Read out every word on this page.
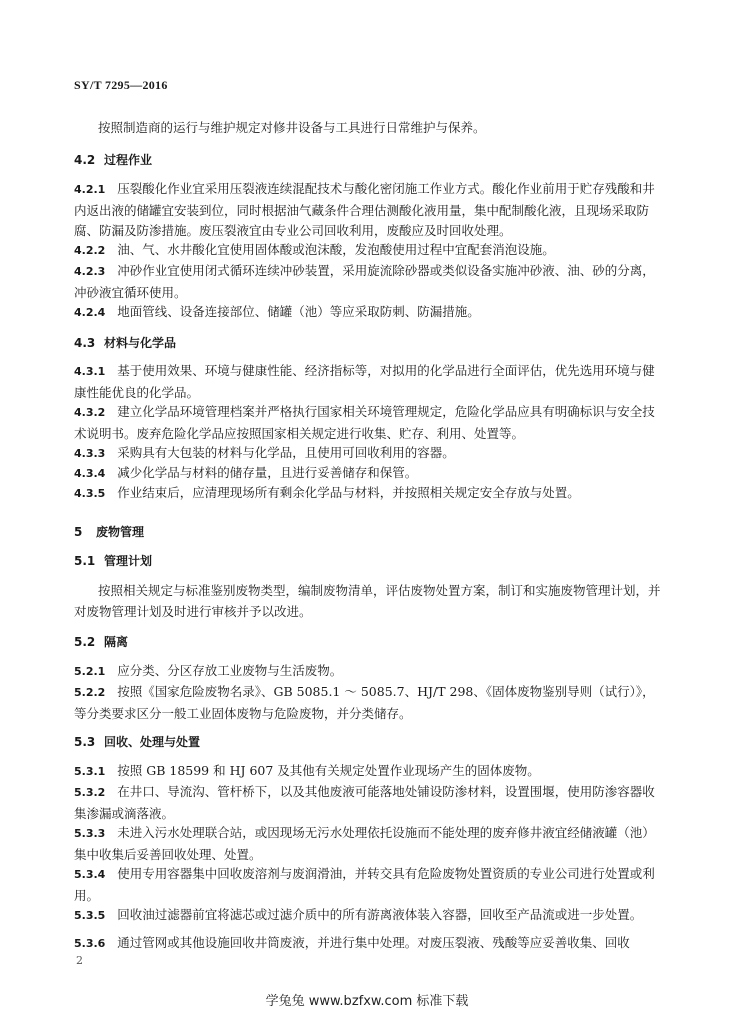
SY/T 7295—2016
按照制造商的运行与维护规定对修井设备与工具进行日常维护与保养。
4.2 过程作业
4.2.1 压裂酸化作业宜采用压裂液连续混配技术与酸化密闭施工作业方式。酸化作业前用于贮存残酸和井内返出液的储罐宜安装到位，同时根据油气藏条件合理估测酸化液用量，集中配制酸化液，且现场采取防腐、防漏及防渗措施。废压裂液宜由专业公司回收利用，废酸应及时回收处理。
4.2.2 油、气、水井酸化宜使用固体酸或泡沫酸，发泡酸使用过程中宜配套消泡设施。
4.2.3 冲砂作业宜使用闭式循环连续冲砂装置，采用旋流除砂器或类似设备实施冲砂液、油、砂的分离，冲砂液宜循环使用。
4.2.4 地面管线、设备连接部位、储罐（池）等应采取防刺、防漏措施。
4.3 材料与化学品
4.3.1 基于使用效果、环境与健康性能、经济指标等，对拟用的化学品进行全面评估，优先选用环境与健康性能优良的化学品。
4.3.2 建立化学品环境管理档案并严格执行国家相关环境管理规定，危险化学品应具有明确标识与安全技术说明书。废弃危险化学品应按照国家相关规定进行收集、贮存、利用、处置等。
4.3.3 采购具有大包装的材料与化学品，且使用可回收利用的容器。
4.3.4 减少化学品与材料的储存量，且进行妥善储存和保管。
4.3.5 作业结束后，应清理现场所有剩余化学品与材料，并按照相关规定安全存放与处置。
5 废物管理
5.1 管理计划
按照相关规定与标准鉴别废物类型，编制废物清单，评估废物处置方案，制订和实施废物管理计划，并对废物管理计划及时进行审核并予以改进。
5.2 隔离
5.2.1 应分类、分区存放工业废物与生活废物。
5.2.2 按照《国家危险废物名录》、GB 5085.1 ～ 5085.7、HJ/T 298、《固体废物鉴别导则（试行）》，等分类要求区分一般工业固体废物与危险废物，并分类储存。
5.3 回收、处理与处置
5.3.1 按照 GB 18599 和 HJ 607 及其他有关规定处置作业现场产生的固体废物。
5.3.2 在井口、导流沟、管杆桥下，以及其他废液可能落地处铺设防渗材料，设置围堰，使用防渗容器收集渗漏或滴落液。
5.3.3 未进入污水处理联合站，或因现场无污水处理依托设施而不能处理的废弃修井液宜经储液罐（池）集中收集后妥善回收处理、处置。
5.3.4 使用专用容器集中回收废溶剂与废润滑油，并转交具有危险废物处置资质的专业公司进行处置或利用。
5.3.5 回收油过滤器前宜将滤芯或过滤介质中的所有游离液体装入容器，回收至产品流或进一步处置。
5.3.6 通过管网或其他设施回收井筒废液，并进行集中处理。对废压裂液、残酸等应妥善收集、回收
2
学兔兔 www.bzfxw.com 标准下载
